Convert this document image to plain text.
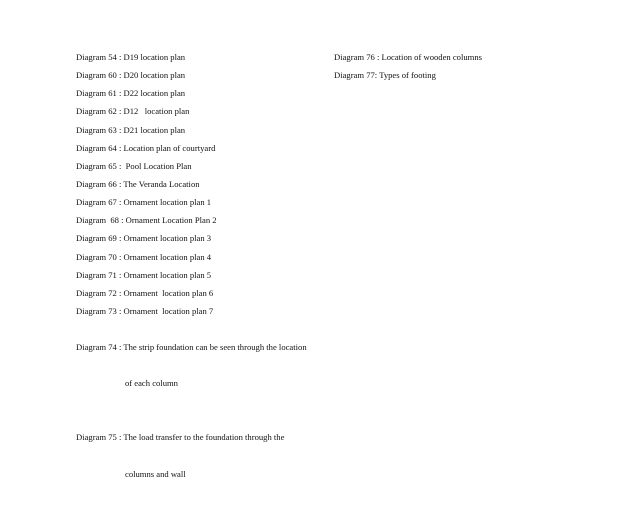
Diagram 54 : D19 location plan
Diagram 60 : D20 location plan
Diagram 61 : D22 location plan
Diagram 62 : D12   location plan
Diagram 63 : D21 location plan
Diagram 64 : Location plan of courtyard
Diagram 65 :  Pool Location Plan
Diagram 66 : The Veranda Location
Diagram 67 : Ornament location plan 1
Diagram  68 : Ornament Location Plan 2
Diagram 69 : Ornament location plan 3
Diagram 70 : Ornament location plan 4
Diagram 71 : Ornament location plan 5
Diagram 72 : Ornament  location plan 6
Diagram 73 : Ornament  location plan 7

Diagram 74 : The strip foundation can be seen through the location

of each column

Diagram 75 : The load transfer to the foundation through the

columns and wall

Diagram 76 : Location of wooden columns
Diagram 77: Types of footing
